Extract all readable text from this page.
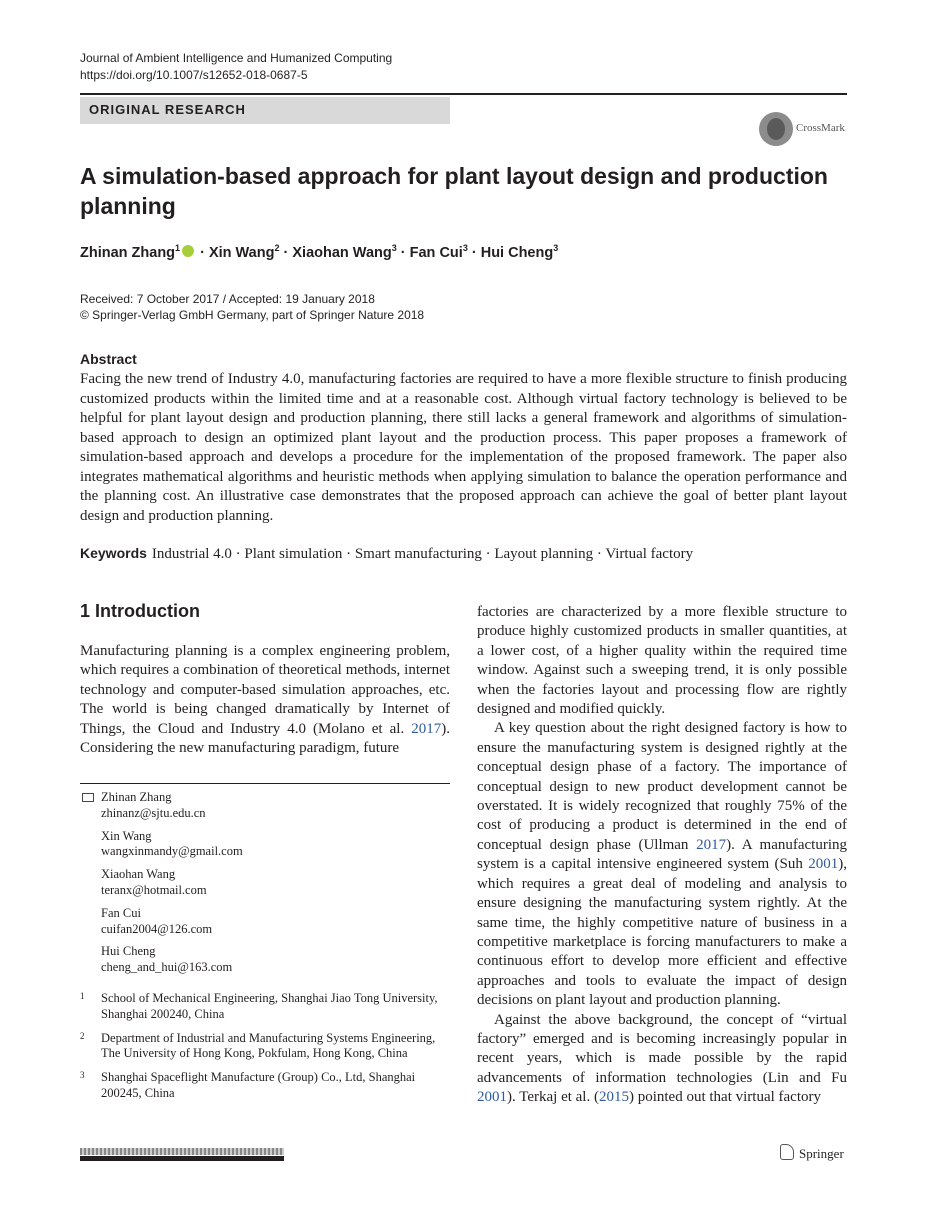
Journal of Ambient Intelligence and Humanized Computing
https://doi.org/10.1007/s12652-018-0687-5
ORIGINAL RESEARCH
CrossMark
A simulation-based approach for plant layout design and production planning
Zhinan Zhang$^1$ · Xin Wang$^2$ · Xiaohan Wang$^3$ · Fan Cui$^3$ · Hui Cheng$^3$
Received: 7 October 2017 / Accepted: 19 January 2018
© Springer-Verlag GmbH Germany, part of Springer Nature 2018
Abstract
Facing the new trend of Industry 4.0, manufacturing factories are required to have a more flexible structure to finish producing customized products within the limited time and at a reasonable cost. Although virtual factory technology is believed to be helpful for plant layout design and production planning, there still lacks a general framework and algorithms of simulation-based approach to design an optimized plant layout and the production process. This paper proposes a framework of simulation-based approach and develops a procedure for the implementation of the proposed framework. The paper also integrates mathematical algorithms and heuristic methods when applying simulation to balance the operation performance and the planning cost. An illustrative case demonstrates that the proposed approach can achieve the goal of better plant layout design and production planning.
Keywords Industrial 4.0 · Plant simulation · Smart manufacturing · Layout planning · Virtual factory
1 Introduction

Manufacturing planning is a complex engineering problem, which requires a combination of theoretical methods, internet technology and computer-based simulation approaches, etc. The world is being changed dramatically by Internet of Things, the Cloud and Industry 4.0 (Molano et al. 2017). Considering the new manufacturing paradigm, future

Zhinan Zhang
zhinanz@sjtu.edu.cn
Xin Wang
wangxinmandy@gmail.com
Xiaohan Wang
teranx@hotmail.com
Fan Cui
cuifan2004@126.com
Hui Cheng
cheng_and_hui@163.com
1 School of Mechanical Engineering, Shanghai Jiao Tong University, Shanghai 200240, China
2 Department of Industrial and Manufacturing Systems Engineering, The University of Hong Kong, Pokfulam, Hong Kong, China
3 Shanghai Spaceflight Manufacture (Group) Co., Ltd, Shanghai 200245, China

factories are characterized by a more flexible structure to produce highly customized products in smaller quantities, at a lower cost, of a higher quality within the required time window. Against such a sweeping trend, it is only possible when the factories layout and processing flow are rightly designed and modified quickly.

A key question about the right designed factory is how to ensure the manufacturing system is designed rightly at the conceptual design phase of a factory. The importance of conceptual design to new product development cannot be overstated. It is widely recognized that roughly 75% of the cost of producing a product is determined in the end of conceptual design phase (Ullman 2017). A manufacturing system is a capital intensive engineered system (Suh 2001), which requires a great deal of modeling and analysis to ensure designing the manufacturing system rightly. At the same time, the highly competitive nature of business in a competitive marketplace is forcing manufacturers to make a continuous effort to develop more efficient and effective approaches and tools to evaluate the impact of design decisions on plant layout and production planning.

Against the above background, the concept of “virtual factory” emerged and is becoming increasingly popular in recent years, which is made possible by the rapid advancements of information technologies (Lin and Fu 2001). Terkaj et al. (2015) pointed out that virtual factory

Springer
